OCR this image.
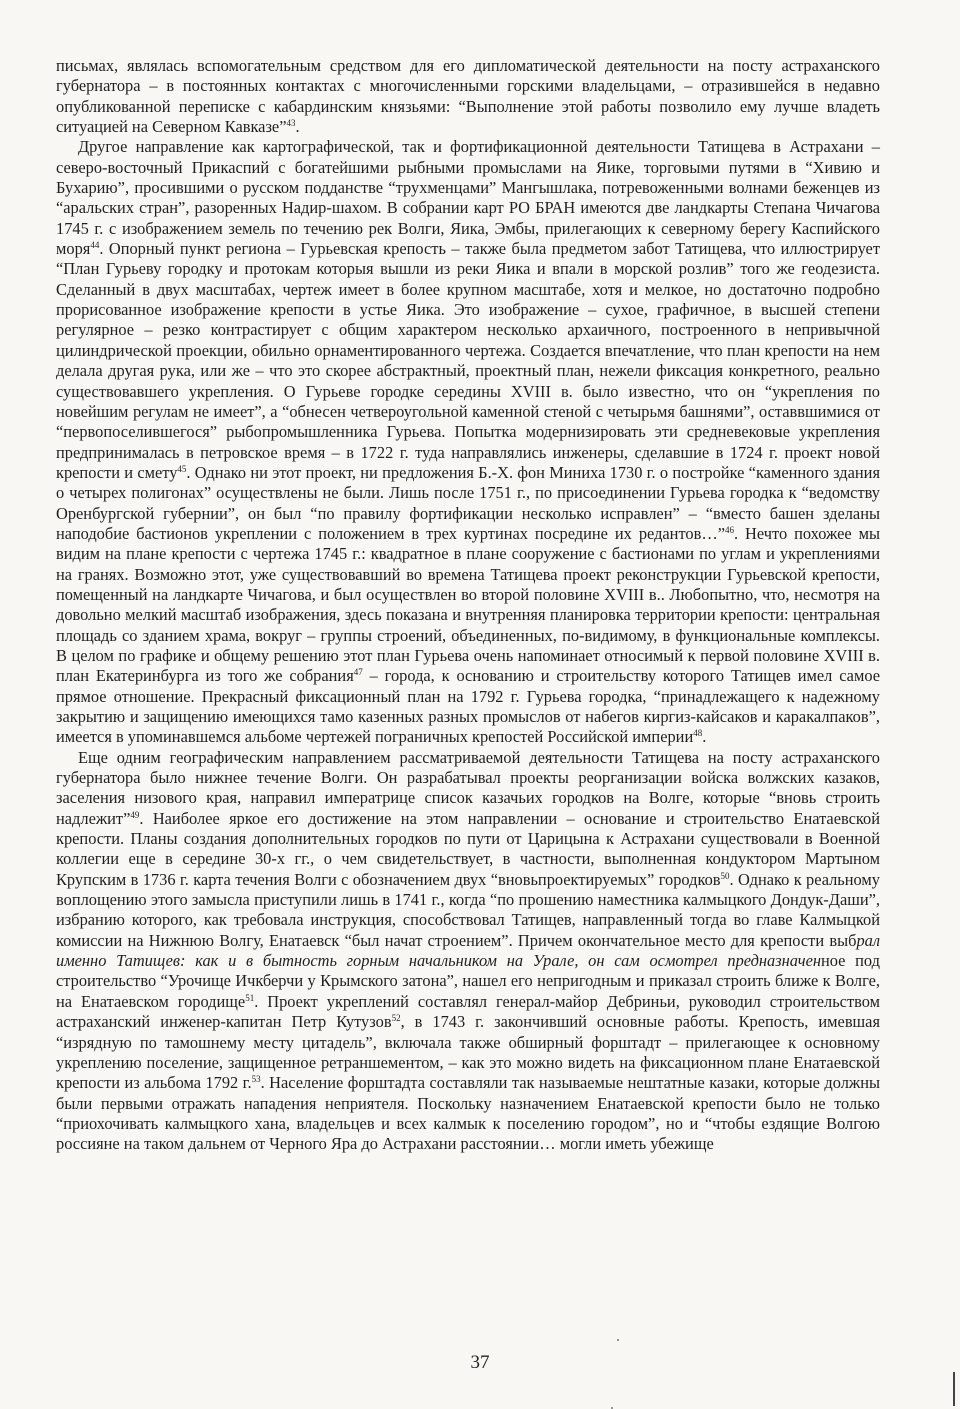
письмах, являлась вспомогательным средством для его дипломатической деятельности на посту астраханского губернатора – в постоянных контактах с многочисленными горскими владельцами, – отразившейся в недавно опубликованной переписке с кабардинским князьями: “Выполнение этой работы позволило ему лучше владеть ситуацией на Северном Кавказе”$^{43}$.

Другое направление как картографической, так и фортификационной деятельности Татищева в Астрахани – северо-восточный Прикаспий с богатейшими рыбными промыслами на Яике, торговыми путями в “Хивию и Бухарию”, просившими о русском подданстве “трухменцами” Мангышлака, потревоженными волнами беженцев из “аральских стран”, разоренных Надир-шахом. В собрании карт РО БРАН имеются две ландкарты Степана Чичагова 1745 г. с изображением земель по течению рек Волги, Яика, Эмбы, прилегающих к северному берегу Каспийского моря$^{44}$. Опорный пункт региона – Гурьевская крепость – также была предметом забот Татищева, что иллюстрирует “План Гурьеву городку и протокам которыя вышли из реки Яика и впали в морской розлив” того же геодезиста. Сделанный в двух масштабах, чертеж имеет в более крупном масштабе, хотя и мелкое, но достаточно подробно прорисованное изображение крепости в устье Яика. Это изображение – сухое, графичное, в высшей степени регулярное – резко контрастирует с общим характером несколько архаичного, построенного в непривычной цилиндрической проекции, обильно орнаментированного чертежа. Создается впечатление, что план крепости на нем делала другая рука, или же – что это скорее абстрактный, проектный план, нежели фиксация конкретного, реально существовавшего укрепления. О Гурьеве городке середины XVIII в. было известно, что он “укрепления по новейшим регулам не имеет”, а “обнесен четвероугольной каменной стеной с четырьмя башнями”, оставвшимися от “первопоселившегося” рыбопромышленника Гурьева. Попытка модернизировать эти средневековые укрепления предпринималась в петровское время – в 1722 г. туда направлялись инженеры, сделавшие в 1724 г. проект новой крепости и смету$^{45}$. Однако ни этот проект, ни предложения Б.-Х. фон Миниха 1730 г. о постройке “каменного здания о четырех полигонах” осуществлены не были. Лишь после 1751 г., по присоединении Гурьева городка к “ведомству Оренбургской губернии”, он был “по правилу фортификации несколько исправлен” – “вместо башен зделаны наподобие бастионов укреплении с положением в трех куртинах посредине их редантов…”$^{46}$. Нечто похожее мы видим на плане крепости с чертежа 1745 г.: квадратное в плане сооружение с бастионами по углам и укреплениями на гранях. Возможно этот, уже существовавший во времена Татищева проект реконструкции Гурьевской крепости, помещенный на ландкарте Чичагова, и был осуществлен во второй половине XVIII в.. Любопытно, что, несмотря на довольно мелкий масштаб изображения, здесь показана и внутренняя планировка территории крепости: центральная площадь со зданием храма, вокруг – группы строений, объединенных, по-видимому, в функциональные комплексы. В целом по графике и общему решению этот план Гурьева очень напоминает относимый к первой половине XVIII в. план Екатеринбурга из того же собрания$^{47}$ – города, к основанию и строительству которого Татищев имел самое прямое отношение. Прекрасный фиксационный план на 1792 г. Гурьева городка, “принадлежащего к надежному закрытию и защищению имеющихся тамо казенных разных промыслов от набегов киргиз-кайсаков и каракалпаков”, имеется в упоминавшемся альбоме чертежей пограничных крепостей Российской империи$^{48}$.

Еще одним географическим направлением рассматриваемой деятельности Татищева на посту астраханского губернатора было нижнее течение Волги. Он разрабатывал проекты реорганизации войска волжских казаков, заселения низового края, направил императрице список казачьих городков на Волге, которые “вновь строить надлежит”$^{49}$. Наиболее яркое его достижение на этом направлении – основание и строительство Енатаевской крепости. Планы создания дополнительных городков по пути от Царицына к Астрахани существовали в Военной коллегии еще в середине 30-х гг., о чем свидетельствует, в частности, выполненная кондуктором Мартыном Крупским в 1736 г. карта течения Волги с обозначением двух “вновьпроектируемых” городков$^{50}$. Однако к реальному воплощению этого замысла приступили лишь в 1741 г., когда “по прошению наместника калмыцкого Дондук-Даши”, избранию которого, как требовала инструкция, способствовал Татищев, направленный тогда во главе Калмыцкой комиссии на Нижнюю Волгу, Енатаевск “был начат строением”. Причем окончательное место для крепости выбрал именно Татищев: как и в бытность горным начальником на Урале, он сам осмотрел предназначенное под строительство “Урочище Ичкберчи у Крымского затона”, нашел его непригодным и приказал строить ближе к Волге, на Енатаевском городище$^{51}$. Проект укреплений составлял генерал-майор Дебриньи, руководил строительством астраханский инженер-капитан Петр Кутузов$^{52}$, в 1743 г. закончивший основные работы. Крепость, имевшая “изрядную по тамошнему месту цитадель”, включала также обширный форштадт – прилегающее к основному укреплению поселение, защищенное ретраншементом, – как это можно видеть на фиксационном плане Енатаевской крепости из альбома 1792 г.$^{53}$. Население форштадта составляли так называемые нештатные казаки, которые должны были первыми отражать нападения неприятеля. Поскольку назначением Енатаевской крепости было не только “приохочивать калмыцкого хана, владельцев и всех калмык к поселению городом”, но и “чтобы ездящие Волгою россияне на таком дальнем от Черного Яра до Астрахани расстоянии… могли иметь убежище

37
